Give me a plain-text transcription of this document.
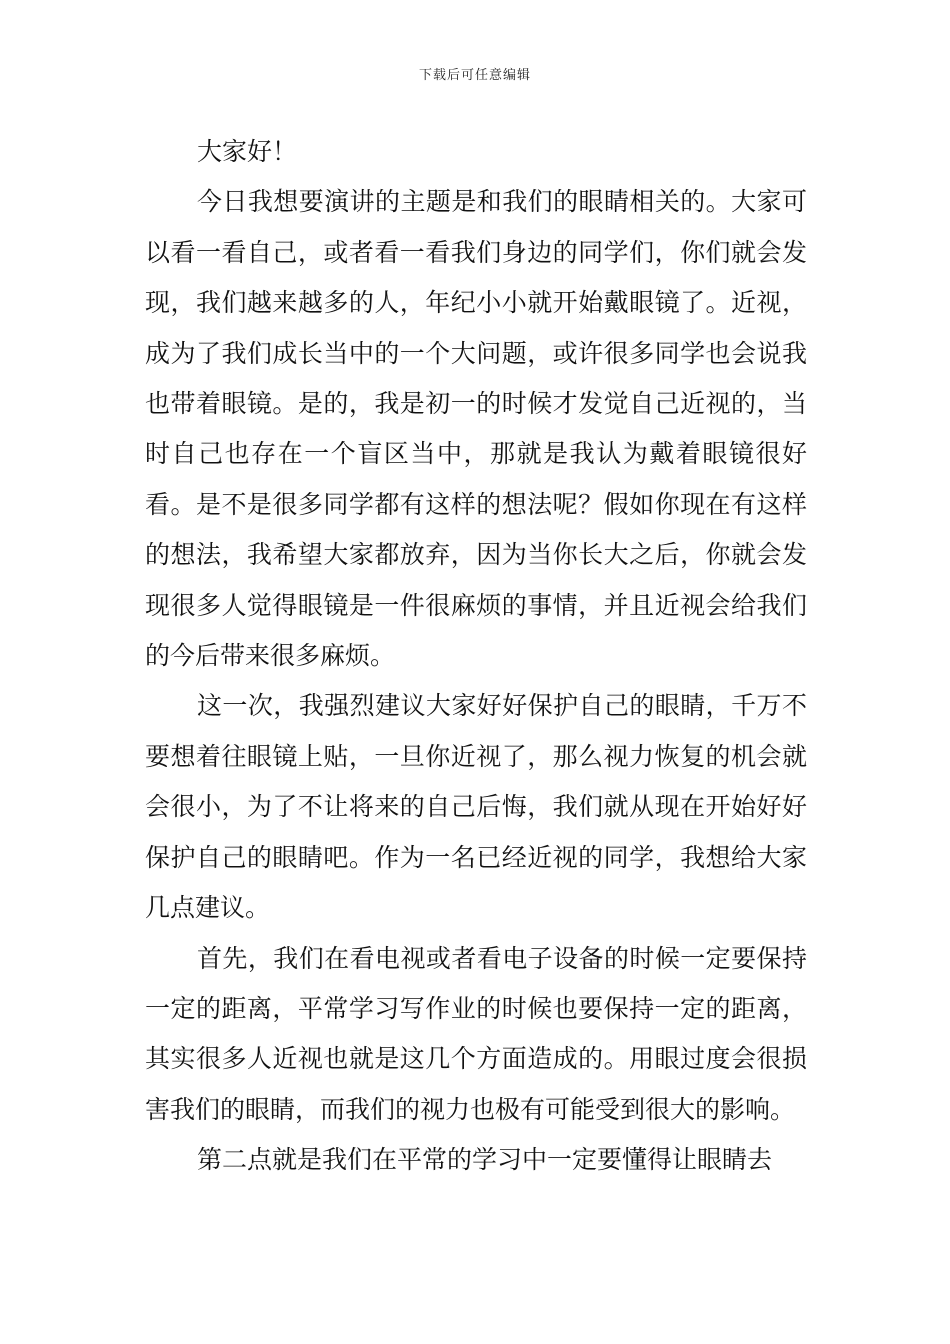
下载后可任意编辑

大家好！

今日我想要演讲的主题是和我们的眼睛相关的。大家可以看一看自己，或者看一看我们身边的同学们，你们就会发现，我们越来越多的人，年纪小小就开始戴眼镜了。近视，成为了我们成长当中的一个大问题，或许很多同学也会说我也带着眼镜。是的，我是初一的时候才发觉自己近视的，当时自己也存在一个盲区当中，那就是我认为戴着眼镜很好看。是不是很多同学都有这样的想法呢？假如你现在有这样的想法，我希望大家都放弃，因为当你长大之后，你就会发现很多人觉得眼镜是一件很麻烦的事情，并且近视会给我们的今后带来很多麻烦。

这一次，我强烈建议大家好好保护自己的眼睛，千万不要想着往眼镜上贴，一旦你近视了，那么视力恢复的机会就会很小，为了不让将来的自己后悔，我们就从现在开始好好保护自己的眼睛吧。作为一名已经近视的同学，我想给大家几点建议。

首先，我们在看电视或者看电子设备的时候一定要保持一定的距离，平常学习写作业的时候也要保持一定的距离，其实很多人近视也就是这几个方面造成的。用眼过度会很损害我们的眼睛，而我们的视力也极有可能受到很大的影响。

第二点就是我们在平常的学习中一定要懂得让眼睛去
